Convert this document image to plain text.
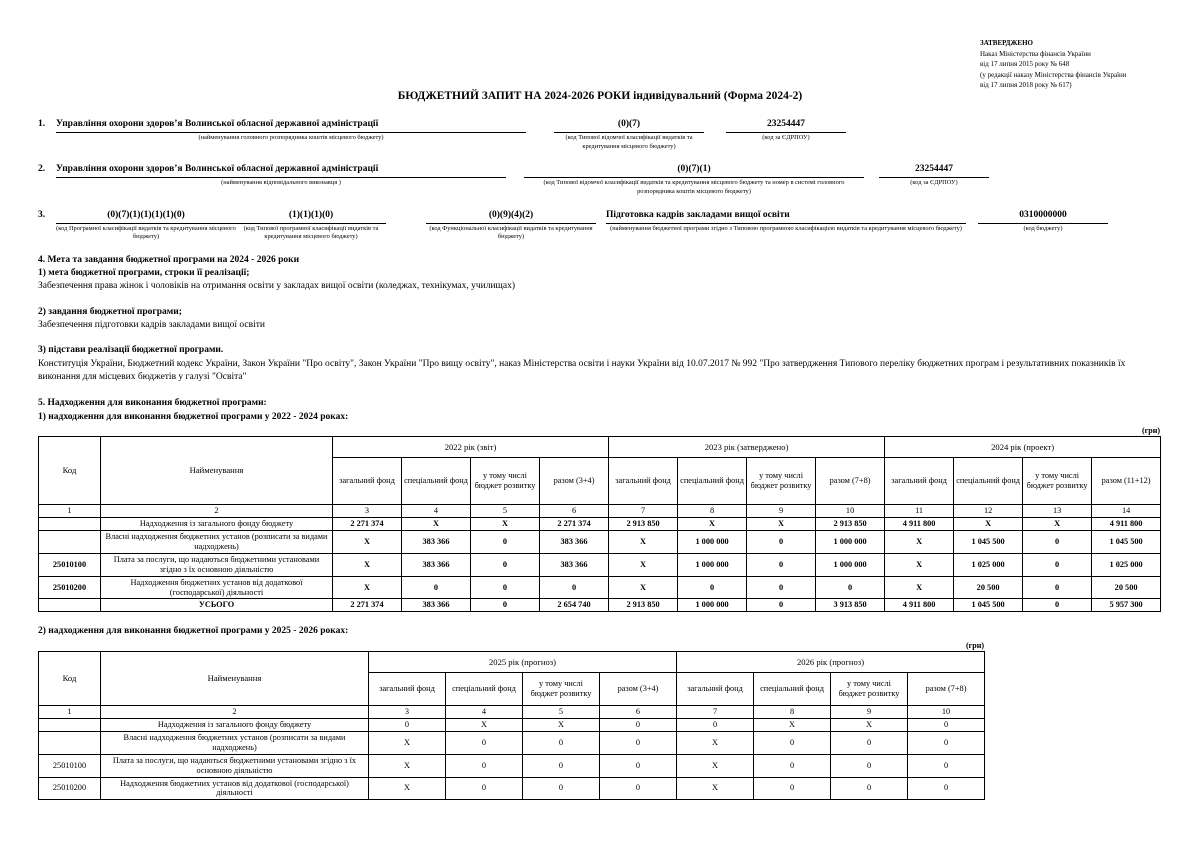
ЗАТВЕРДЖЕНО
Наказ Міністерства фінансів України
від 17 липня 2015 року № 648
(у редакції наказу Міністерства фінансів України
від 17 липня 2018 року № 617)
БЮДЖЕТНИЙ ЗАПИТ НА 2024-2026 РОКИ індивідувальний (Форма 2024-2)
1.	Управління охорони здоров’я Волинської обласної державної адміністрації
(найменування головного розпорядника коштів місцевого бюджету)
(0)(7)
(код Типової відомчої класифікації видатків та кредитування місцевого бюджету)
23254447
(код за ЄДРПОУ)
2.	Управління охорони здоров’я Волинської обласної державної адміністрації
(найменування відповідального виконавця )
(0)(7)(1)
(код Типової відомчої класифікації видатків та кредитування місцевого бюджету та номер в системі головного розпорядника коштів місцевого бюджету)
23254447
(код за ЄДРПОУ)
3.	(0)(7)(1)(1)(1)(1)(0)
(код Програмної класифікації видатків та кредитування місцевого бюджету)
(1)(1)(1)(0)
(код Типової програмної класифікації видатків та кредитування місцевого бюджету)
(0)(9)(4)(2)
(код Функціональної класифікації видатків та кредитування бюджету)
Підготовка кадрів закладами вищої освіти
(найменування бюджетної програми згідно з Типовою програмною класифікацією видатків та кредитування місцевого бюджету)
0310000000
(код бюджету)

4. Мета та завдання бюджетної програми на 2024 - 2026 роки

1) мета бюджетної програми, строки її реалізації;

Забезпечення права жінок і чоловіків на отримання освіти у закладах вищої освіти (коледжах, технікумах, училищах)

2) завдання бюджетної програми;

Забезпечення підготовки кадрів закладами вищої освіти

3) підстави реалізації бюджетної програми.

Конституція України, Бюджетний кодекс України, Закон України "Про освіту", Закон України "Про вищу освіту", наказ Міністерства освіти і науки України від 10.07.2017 № 992 "Про затвердження Типового переліку бюджетних програм і результативних показників їх виконання для місцевих бюджетів у галузі "Освіта"

5. Надходження для виконання бюджетної програми:

1) надходження для виконання бюджетної програми у 2022 - 2024 роках:

(грн)
Код	Найменування	2022 рік (звіт)				2023 рік (затверджено)				2024 рік (проект)			
		загальний фонд	спеціальний фонд	у тому числі бюджет розвитку	разом (3+4)	загальний фонд	спеціальний фонд	у тому числі бюджет розвитку	разом (7+8)	загальний фонд	спеціальний фонд	у тому числі бюджет розвитку	разом (11+12)
1	2	3	4	5	6	7	8	9	10	11	12	13	14
	Надходження із загального фонду бюджету	2 271 374	X	X	2 271 374	2 913 850	X	X	2 913 850	4 911 800	X	X	4 911 800
	Власні надходження бюджетних установ (розписати за видами надходжень)	X	383 366	0	383 366	X	1 000 000	0	1 000 000	X	1 045 500	0	1 045 500
25010100	Плата за послуги, що надаються бюджетними установами згідно з їх основною діяльністю	X	383 366	0	383 366	X	1 000 000	0	1 000 000	X	1 025 000	0	1 025 000
25010200	Надходження бюджетних установ від додаткової (господарської) діяльності	X	0	0	0	X	0	0	0	X	20 500	0	20 500
	УСЬОГО	2 271 374	383 366	0	2 654 740	2 913 850	1 000 000	0	3 913 850	4 911 800	1 045 500	0	5 957 300

2) надходження для виконання бюджетної програми у 2025 - 2026 роках:

(грн)
Код	Найменування	2025 рік (прогноз)				2026 рік (прогноз)			
		загальний фонд	спеціальний фонд	у тому числі бюджет розвитку	разом (3+4)	загальний фонд	спеціальний фонд	у тому числі бюджет розвитку	разом (7+8)
1	2	3	4	5	6	7	8	9	10
	Надходження із загального фонду бюджету	0	X	X	0	0	X	X	0
	Власні надходження бюджетних установ (розписати за видами надходжень)	X	0	0	0	X	0	0	0
25010100	Плата за послуги, що надаються бюджетними установами згідно з їх основною діяльністю	X	0	0	0	X	0	0	0
25010200	Надходження бюджетних установ від додаткової (господарської) діяльності	X	0	0	0	X	0	0	0
